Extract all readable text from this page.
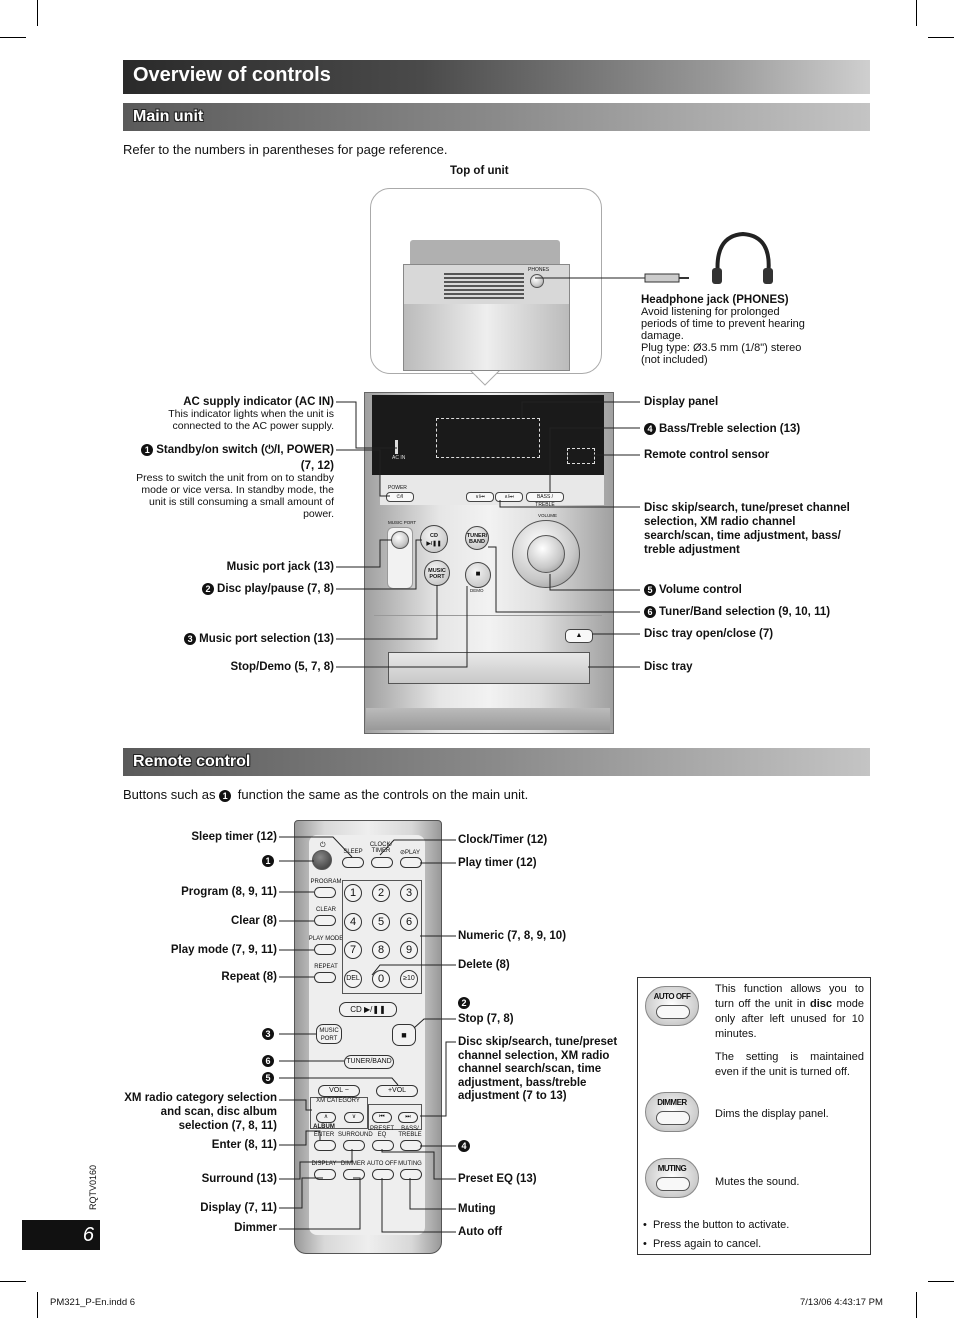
Overview of controls
Main unit
Refer to the numbers in parentheses for page reference.
Top of unit
PHONES
Headphone jack (PHONES)
Avoid listening for prolonged periods of time to prevent hearing damage.
Plug type: Ø3.5 mm (1/8") stereo (not included)
AC IN
POWER
⏻/I	∨/⏮	∧/⏭	BASS / TREBLE
MUSIC PORT
CD
▶/❚❚
TUNER/ BAND
MUSIC PORT	■
DEMO
VOLUME
▲
AC supply indicator (AC IN)
This indicator lights when the unit is connected to the AC power supply.
1 Standby/on switch (⏻/I, POWER)
(7, 12)
Press to switch the unit from on to standby mode or vice versa. In standby mode, the unit is still consuming a small amount of power.
Music port jack (13)
2 Disc play/pause (7, 8)
3 Music port selection (13)
Stop/Demo (5, 7, 8)
Display panel
4 Bass/Treble selection (13)
Remote control sensor
Disc skip/search, tune/preset channel selection, XM radio channel search/scan, time adjustment, bass/ treble adjustment
5 Volume control
6 Tuner/Band selection (9, 10, 11)
Disc tray open/close (7)
Disc tray
Remote control
Buttons such as 1 function the same as the controls on the main unit.
⏻
SLEEP
CLOCK/ TIMER	⊘PLAY
PROGRAM
CLEAR
PLAY MODE
REPEAT
1	2	3
4	5	6
7	8	9
DEL	0	≥10
CD ▶/❚❚
MUSIC PORT	■
TUNER/BAND
VOL −	+VOL
XM CATEGORY
∧	∨
ALBUM
⏮	⏭
ENTER SURROUND
PRESET EQ
BASS/ TREBLE
DISPLAY DIMMER AUTO OFF MUTING
Sleep timer (12)
1
Program (8, 9, 11)
Clear (8)
Play mode (7, 9, 11)
Repeat (8)
3
6
5
XM radio category selection and scan, disc album selection (7, 8, 11)
Enter (8, 11)
Surround (13)
Display (7, 11)
Dimmer
Clock/Timer (12)
Play timer (12)
Numeric (7, 8, 9, 10)
Delete (8)
2
Stop (7, 8)
Disc skip/search, tune/preset channel selection, XM radio channel search/scan, time adjustment, bass/treble adjustment (7 to 13)
4
Preset EQ (13)
Muting
Auto off
AUTO OFF
This function allows you to turn off the unit in disc mode only after left unused for 10 minutes.
The setting is maintained even if the unit is turned off.
DIMMER
Dims the display panel.
MUTING
Mutes the sound.
•  Press the button to activate.
•  Press again to cancel.
RQTV0160
6
PM321_P-En.indd 6	7/13/06 4:43:17 PM
